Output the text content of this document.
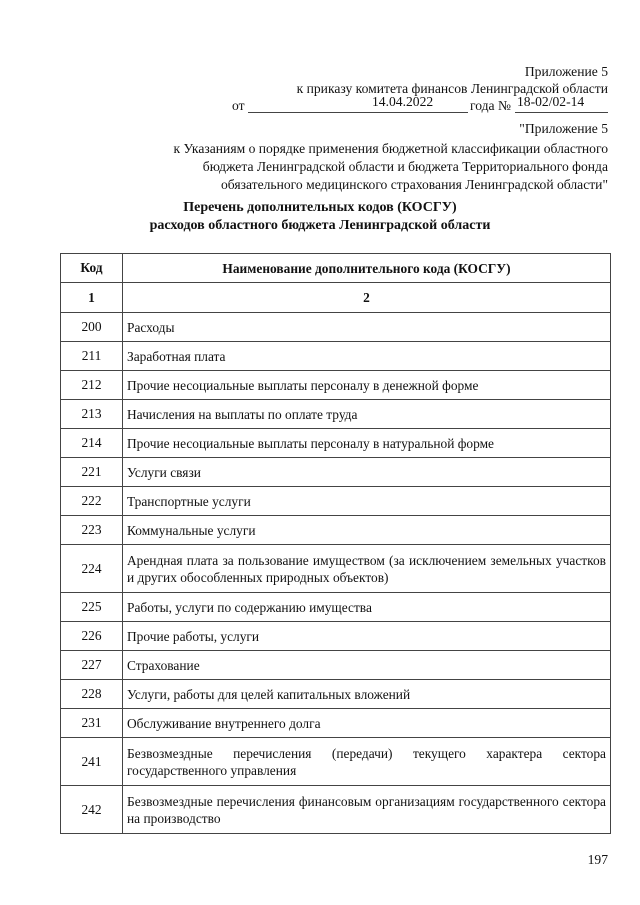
Приложение 5
к приказу комитета финансов Ленинградской области
от	14.04.2022	года № 18-02/02-14
"Приложение 5
к Указаниям о порядке применения бюджетной классификации областного
бюджета Ленинградской области и бюджета Территориального фонда
обязательного медицинского страхования Ленинградской области"
Перечень дополнительных кодов (КОСГУ)
расходов областного бюджета Ленинградской области
Код	Наименование дополнительного кода (КОСГУ)
1	2
200	Расходы
211	Заработная плата
212	Прочие несоциальные выплаты персоналу в денежной форме
213	Начисления на выплаты по оплате труда
214	Прочие несоциальные выплаты персоналу в натуральной форме
221	Услуги связи
222	Транспортные услуги
223	Коммунальные услуги
224	Арендная плата за пользование имуществом (за исключением земельных участков и других обособленных природных объектов)
225	Работы, услуги по содержанию имущества
226	Прочие работы, услуги
227	Страхование
228	Услуги, работы для целей капитальных вложений
231	Обслуживание внутреннего долга
241	Безвозмездные перечисления (передачи) текущего характера сектора государственного управления
242	Безвозмездные перечисления финансовым организациям государственного сектора на производство
197
